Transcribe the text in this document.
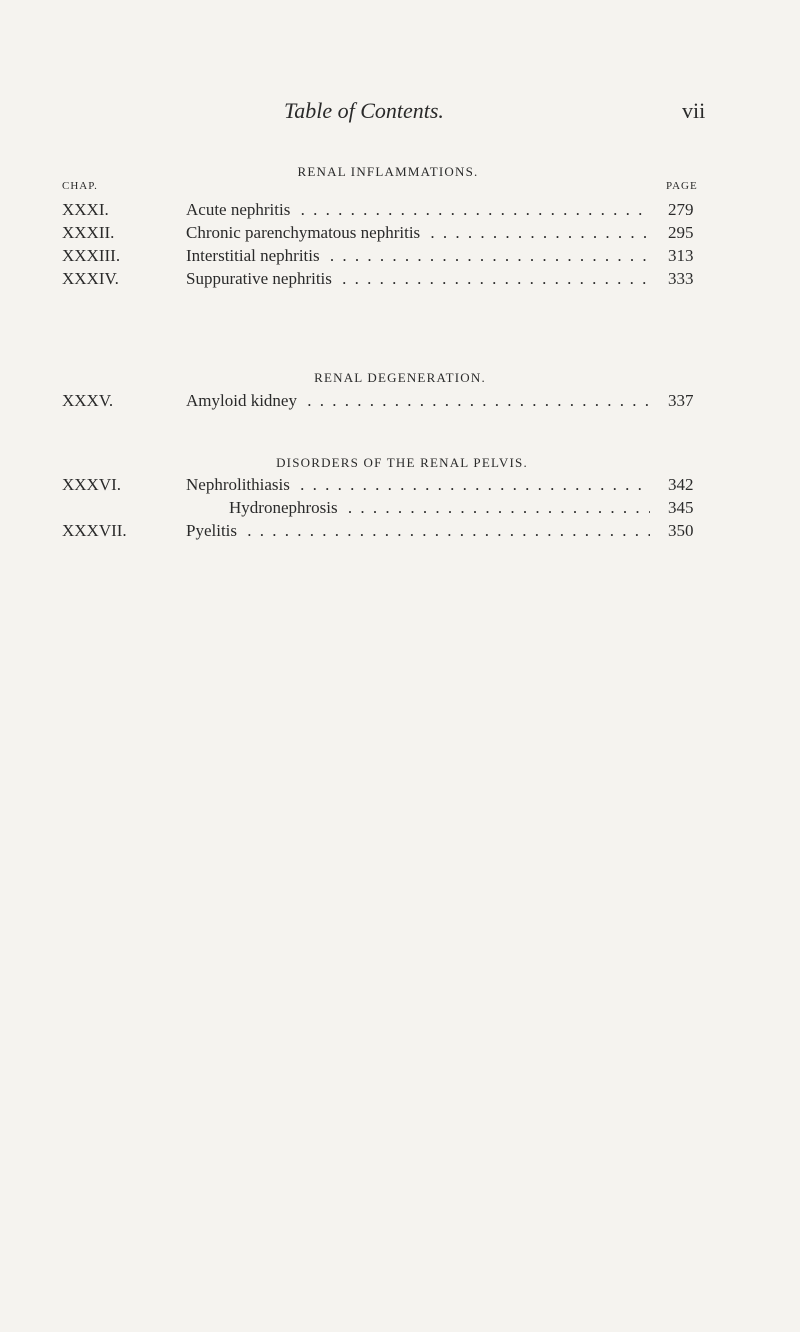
Table of Contents.	vii
RENAL INFLAMMATIONS.
CHAP.	PAGE
XXXI.	Acute nephritis . . .	279
XXXII.	Chronic parenchymatous nephritis . . .	295
XXXIII.	Interstitial nephritis . . .	313
XXXIV.	Suppurative nephritis . . .	333
RENAL DEGENERATION.
XXXV.	Amyloid kidney . . .	337
DISORDERS OF THE RENAL PELVIS.
XXXVI.	Nephrolithiasis . . .	342
Hydronephrosis . . .	345
XXXVII.	Pyelitis . . .	350
